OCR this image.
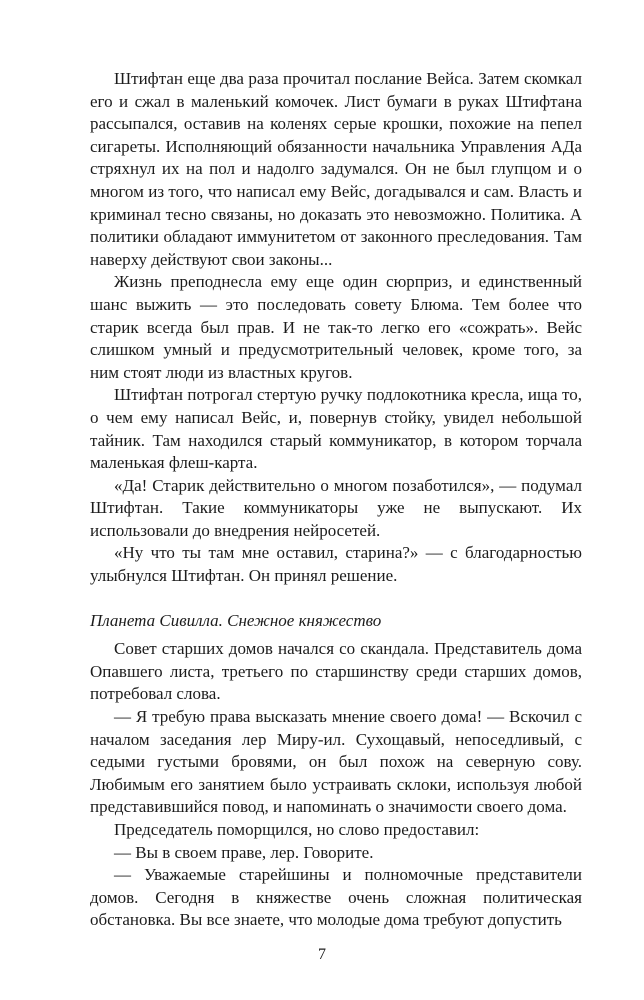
Штифтан еще два раза прочитал послание Вейса. Затем скомкал его и сжал в маленький комочек. Лист бумаги в руках Штифтана рассыпался, оставив на коленях серые крошки, похожие на пепел сигареты. Исполняющий обязанности начальника Управления АДа стряхнул их на пол и надолго задумался. Он не был глупцом и о многом из того, что написал ему Вейс, догадывался и сам. Власть и криминал тесно связаны, но доказать это невозможно. Политика. А политики обладают иммунитетом от законного преследования. Там наверху действуют свои законы...

Жизнь преподнесла ему еще один сюрприз, и единственный шанс выжить — это последовать совету Блюма. Тем более что старик всегда был прав. И не так-то легко его «сожрать». Вейс слишком умный и предусмотрительный человек, кроме того, за ним стоят люди из властных кругов.

Штифтан потрогал стертую ручку подлокотника кресла, ища то, о чем ему написал Вейс, и, повернув стойку, увидел небольшой тайник. Там находился старый коммуникатор, в котором торчала маленькая флеш-карта.

«Да! Старик действительно о многом позаботился», — подумал Штифтан. Такие коммуникаторы уже не выпускают. Их использовали до внедрения нейросетей.

«Ну что ты там мне оставил, старина?» — с благодарностью улыбнулся Штифтан. Он принял решение.

Планета Сивилла. Снежное княжество

Совет старших домов начался со скандала. Представитель дома Опавшего листа, третьего по старшинству среди старших домов, потребовал слова.

— Я требую права высказать мнение своего дома! — Вскочил с началом заседания лер Миру-ил. Сухощавый, непоседливый, с седыми густыми бровями, он был похож на северную сову. Любимым его занятием было устраивать склоки, используя любой представившийся повод, и напоминать о значимости своего дома.

Председатель поморщился, но слово предоставил:

— Вы в своем праве, лер. Говорите.

— Уважаемые старейшины и полномочные представители домов. Сегодня в княжестве очень сложная политическая обстановка. Вы все знаете, что молодые дома требуют допустить

7
